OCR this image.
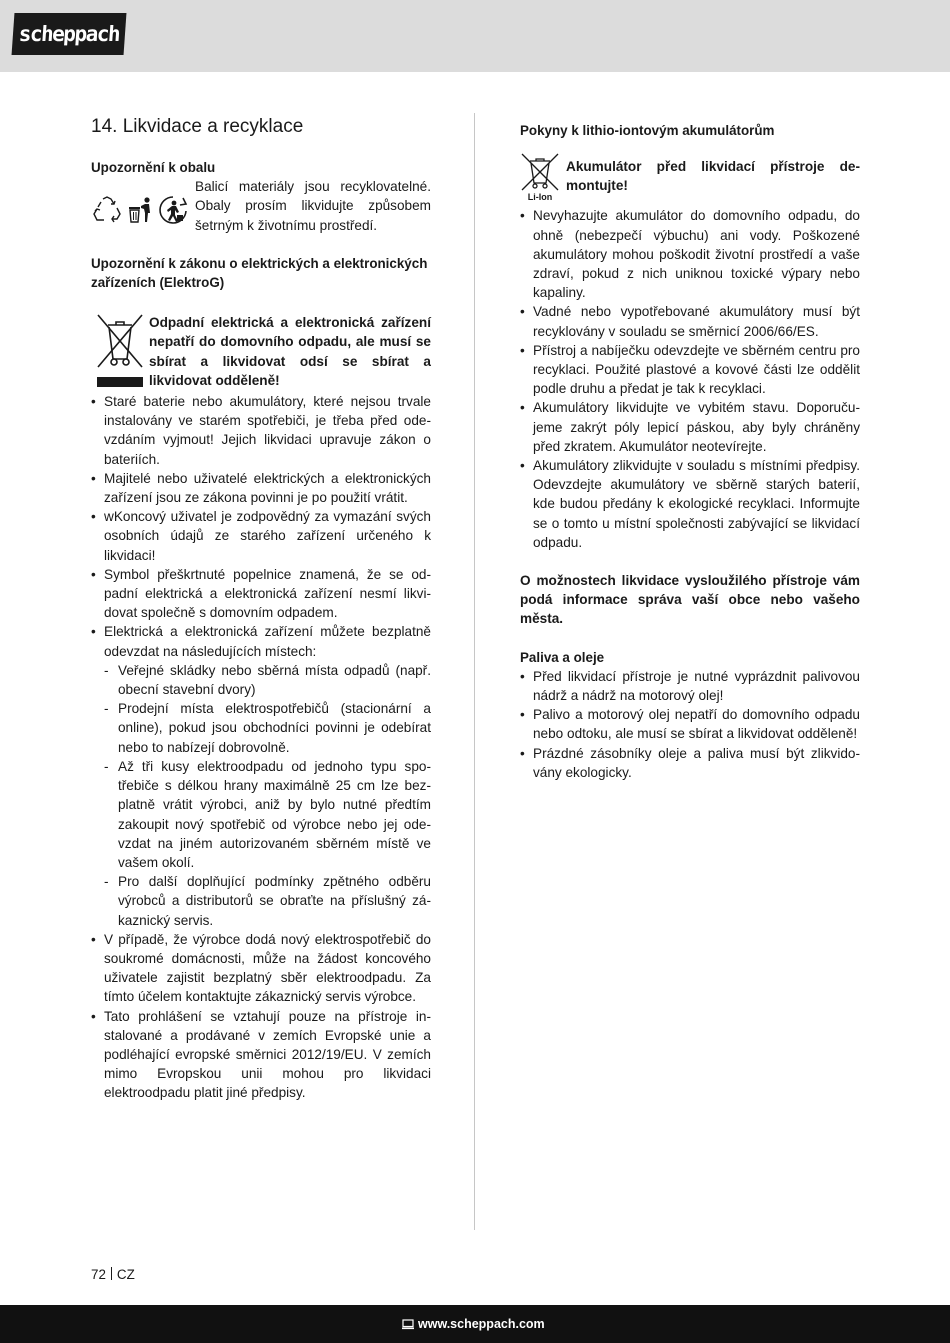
scheppach
14. Likvidace a recyklace
Upozornění k obalu
Balicí materiály jsou recyklovatelné. Obaly prosím likvidujte způsobem šetrným k životnímu prostředí.
Upozornění k zákonu o elektrických a elektronických zařízeních (ElektroG)
Odpadní elektrická a elektronická zařízení nepatří do domovního odpadu, ale musí se sbírat a likvidovat odsí se sbírat a likvidovat odděleně!
• Staré baterie nebo akumulátory, které nejsou trvale instalovány ve starém spotřebiči, je třeba před odevzdáním vyjmout! Jejich likvidaci upravuje zákon o bateriích.
• Majitelé nebo uživatelé elektrických a elektronických zařízení jsou ze zákona povinni je po použití vrátit.
• wKoncový uživatel je zodpovědný za vymazání svých osobních údajů ze starého zařízení určeného k likvidaci!
• Symbol přeškrtnuté popelnice znamená, že se odpadní elektrická a elektronická zařízení nesmí likvidovat společně s domovním odpadem.
• Elektrická a elektronická zařízení můžete bezplatně odevzdat na následujících místech:
- Veřejné skládky nebo sběrná místa odpadů (např. obecní stavební dvory)
- Prodejní místa elektrospotřebičů (stacionární a online), pokud jsou obchodníci povinni je odebírat nebo to nabízejí dobrovolně.
- Až tři kusy elektroodpadu od jednoho typu spotřebiče s délkou hrany maximálně 25 cm lze bezplatně vrátit výrobci, aniž by bylo nutné předtím zakoupit nový spotřebič od výrobce nebo jej odevzdat na jiném autorizovaném sběrném místě ve vašem okolí.
- Pro další doplňující podmínky zpětného odběru výrobců a distributorů se obraťte na příslušný zákaznický servis.
• V případě, že výrobce dodá nový elektrospotřebič do soukromé domácnosti, může na žádost koncového uživatele zajistit bezplatný sběr elektroodpadu. Za tímto účelem kontaktujte zákaznický servis výrobce.
• Tato prohlášení se vztahují pouze na přístroje instalované a prodávané v zemích Evropské unie a podléhající evropské směrnici 2012/19/EU. V zemích mimo Evropskou unii mohou pro likvidaci elektroodpadu platit jiné předpisy.
Pokyny k lithio-iontovým akumulátorům
Li-Ion
Akumulátor před likvidací přístroje demontujte!
• Nevyhazujte akumulátor do domovního odpadu, do ohně (nebezpečí výbuchu) ani vody. Poškozené akumulátory mohou poškodit životní prostředí a vaše zdraví, pokud z nich uniknou toxické výpary nebo kapaliny.
• Vadné nebo vypotřebované akumulátory musí být recyklovány v souladu se směrnicí 2006/66/ES.
• Přístroj a nabíječku odevzdejte ve sběrném centru pro recyklaci. Použité plastové a kovové části lze oddělit podle druhu a předat je tak k recyklaci.
• Akumulátory likvidujte ve vybitém stavu. Doporučujeme zakrýt póly lepicí páskou, aby byly chráněny před zkratem. Akumulátor neotevírejte.
• Akumulátory zlikvidujte v souladu s místními předpisy. Odevzdejte akumulátory ve sběrně starých baterií, kde budou předány k ekologické recyklaci. Informujte se o tomto u místní společnosti zabývající se likvidací odpadu.
O možnostech likvidace vysloužilého přístroje vám podá informace správa vaší obce nebo vašeho města.
Paliva a oleje
• Před likvidací přístroje je nutné vyprázdnit palivovou nádrž a nádrž na motorový olej!
• Palivo a motorový olej nepatří do domovního odpadu nebo odtoku, ale musí se sbírat a likvidovat odděleně!
• Prázdné zásobníky oleje a paliva musí být zlikvidovány ekologicky.
72 CZ
www.scheppach.com
